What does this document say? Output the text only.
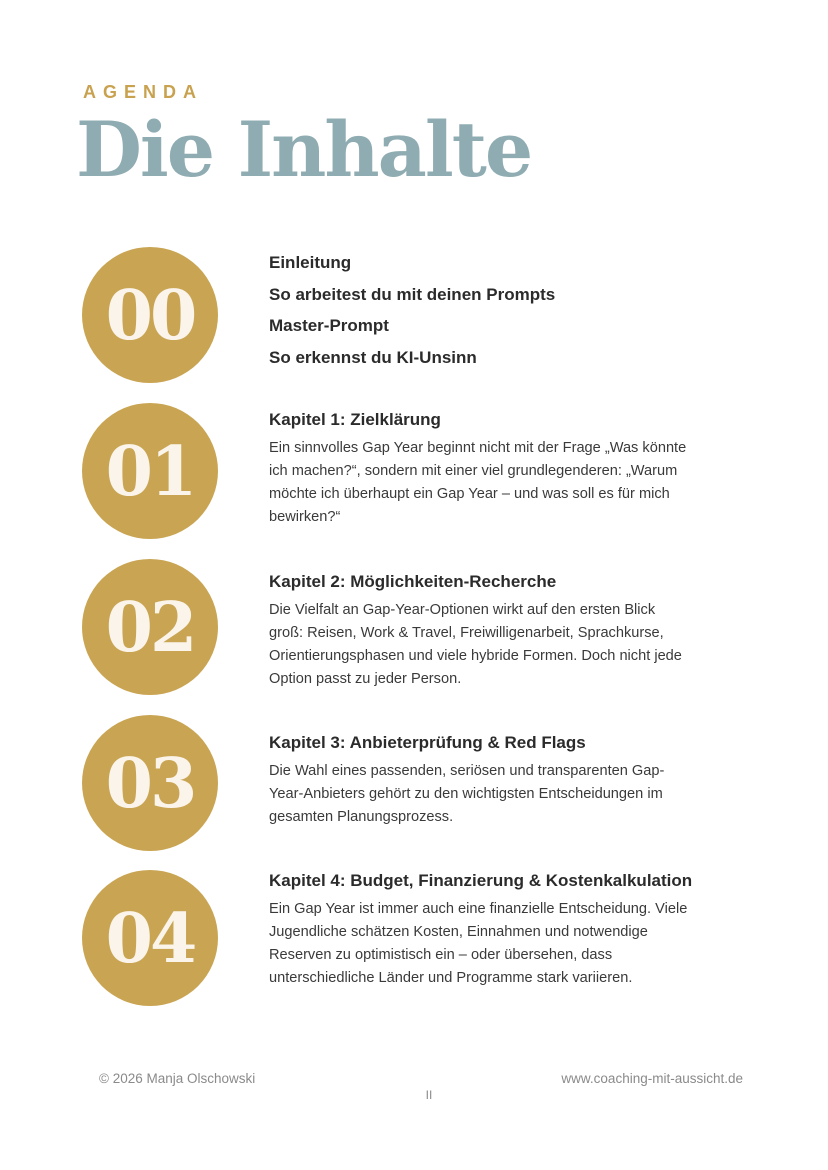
AGENDA
Die Inhalte
00
Einleitung
So arbeitest du mit deinen Prompts
Master-Prompt
So erkennst du KI-Unsinn
01
Kapitel 1: Zielklärung
Ein sinnvolles Gap Year beginnt nicht mit der Frage „Was könnte ich machen?“, sondern mit einer viel grundlegenderen: „Warum möchte ich überhaupt ein Gap Year – und was soll es für mich bewirken?“
02
Kapitel 2: Möglichkeiten-Recherche
Die Vielfalt an Gap-Year-Optionen wirkt auf den ersten Blick groß: Reisen, Work & Travel, Freiwilligenarbeit, Sprachkurse, Orientierungsphasen und viele hybride Formen. Doch nicht jede Option passt zu jeder Person.
03
Kapitel 3: Anbieterprüfung & Red Flags
Die Wahl eines passenden, seriösen und transparenten Gap-Year-Anbieters gehört zu den wichtigsten Entscheidungen im gesamten Planungsprozess.
04
Kapitel 4: Budget, Finanzierung & Kostenkalkulation
Ein Gap Year ist immer auch eine finanzielle Entscheidung. Viele Jugendliche schätzen Kosten, Einnahmen und notwendige Reserven zu optimistisch ein – oder übersehen, dass unterschiedliche Länder und Programme stark variieren.
© 2026 Manja Olschowski	www.coaching-mit-aussicht.de
II
